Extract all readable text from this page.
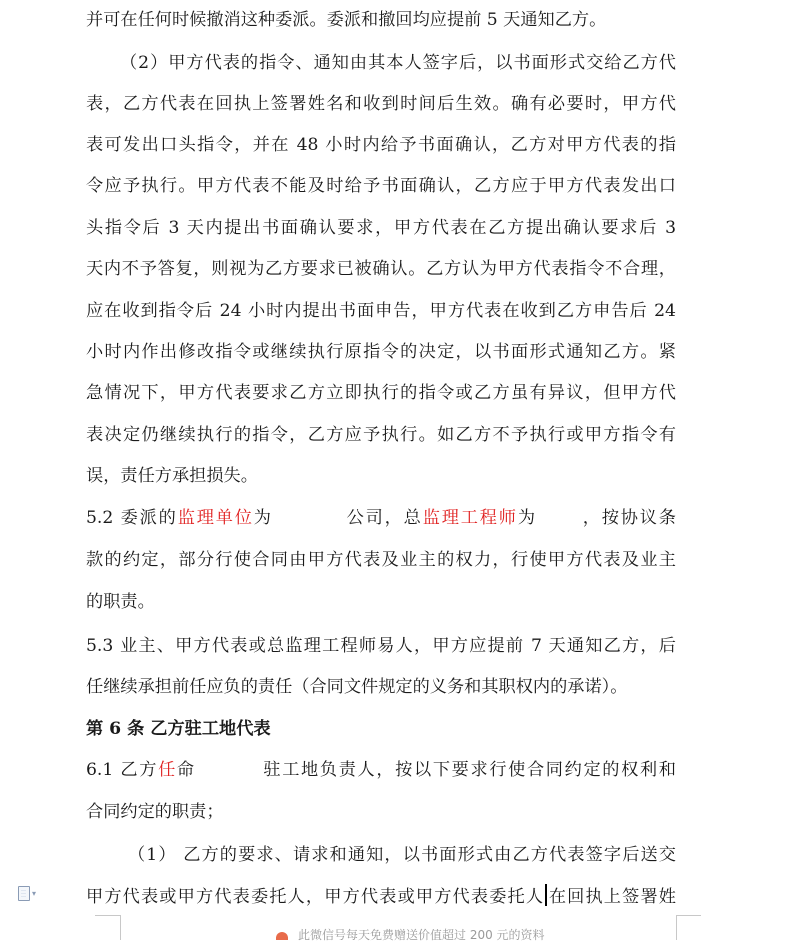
并可在任何时候撤消这种委派。委派和撤回均应提前 5 天通知乙方。
（2）甲方代表的指令、通知由其本人签字后，以书面形式交给乙方代
表，乙方代表在回执上签署姓名和收到时间后生效。确有必要时，甲方代
表可发出口头指令，并在 48 小时内给予书面确认，乙方对甲方代表的指
令应予执行。甲方代表不能及时给予书面确认，乙方应于甲方代表发出口
头指令后 3 天内提出书面确认要求，甲方代表在乙方提出确认要求后 3
天内不予答复，则视为乙方要求已被确认。乙方认为甲方代表指令不合理，
应在收到指令后 24 小时内提出书面申告，甲方代表在收到乙方申告后 24
小时内作出修改指令或继续执行原指令的决定，以书面形式通知乙方。紧
急情况下，甲方代表要求乙方立即执行的指令或乙方虽有异议，但甲方代
表决定仍继续执行的指令，乙方应予执行。如乙方不予执行或甲方指令有
误，责任方承担损失。
5.2 委派的监理单位为	公司，总监理工程师为	，按协议条
款的约定，部分行使合同由甲方代表及业主的权力，行使甲方代表及业主
的职责。
5.3 业主、甲方代表或总监理工程师易人，甲方应提前 7 天通知乙方，后
任继续承担前任应负的责任（合同文件规定的义务和其职权内的承诺）。
第 6 条 乙方驻工地代表
6.1 乙方任命	驻工地负责人，按以下要求行使合同约定的权利和
合同约定的职责；
（1） 乙方的要求、请求和通知，以书面形式由乙方代表签字后送交
甲方代表或甲方代表委托人，甲方代表或甲方代表委托人 在回执上签署姓
▾
此微信号每天免费赠送价值超过 200 元的资料
